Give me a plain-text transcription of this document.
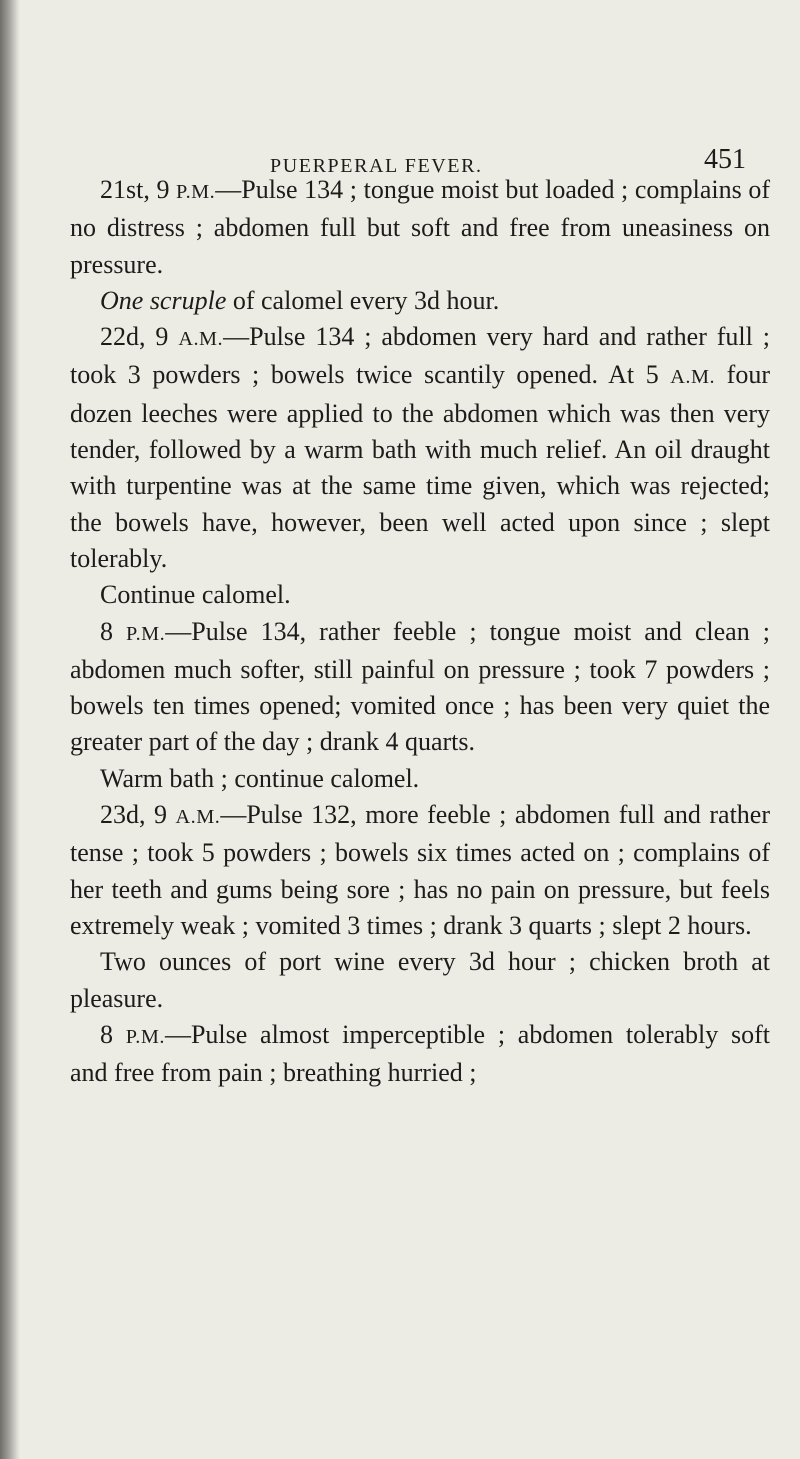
PUERPERAL FEVER.	451

21st, 9 P.M.—Pulse 134 ; tongue moist but loaded ; complains of no distress ; abdomen full but soft and free from uneasiness on pressure.

One scruple of calomel every 3d hour.

22d, 9 A.M.—Pulse 134 ; abdomen very hard and rather full ; took 3 powders ; bowels twice scantily opened. At 5 A.M. four dozen leeches were applied to the abdomen which was then very tender, followed by a warm bath with much relief. An oil draught with turpentine was at the same time given, which was rejected; the bowels have, however, been well acted upon since ; slept tolerably.

Continue calomel.

8 P.M.—Pulse 134, rather feeble ; tongue moist and clean ; abdomen much softer, still painful on pressure ; took 7 powders ; bowels ten times opened; vomited once ; has been very quiet the greater part of the day ; drank 4 quarts.

Warm bath ; continue calomel.

23d, 9 A.M.—Pulse 132, more feeble ; abdomen full and rather tense ; took 5 powders ; bowels six times acted on ; complains of her teeth and gums being sore ; has no pain on pressure, but feels extremely weak ; vomited 3 times ; drank 3 quarts ; slept 2 hours.

Two ounces of port wine every 3d hour ; chicken broth at pleasure.

8 P.M.—Pulse almost imperceptible ; abdomen tolerably soft and free from pain ; breathing hurried ;
